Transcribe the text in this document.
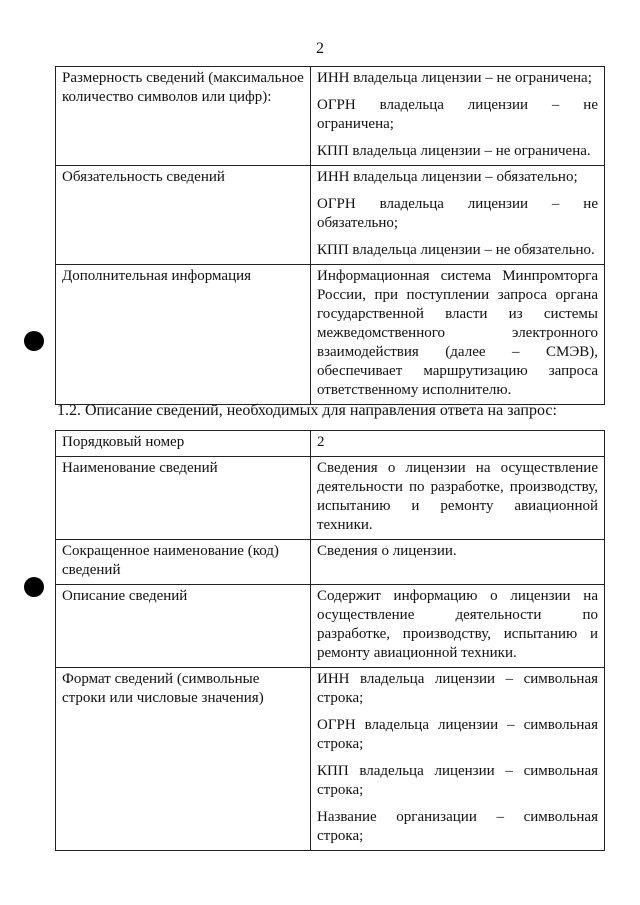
2
Размерность сведений (максимальное количество символов или цифр):	ИНН владельца лицензии – не ограничена;

ОГРН владельца лицензии – не ограничена;

КПП владельца лицензии – не ограничена.

Обязательность сведений	ИНН владельца лицензии – обязательно;

ОГРН владельца лицензии – не обязательно;

КПП владельца лицензии – не обязательно.

Дополнительная информация	Информационная система Минпромторга России, при поступлении запроса органа государственной власти из системы межведомственного электронного взаимодействия (далее – СМЭВ), обеспечивает маршрутизацию запроса ответственному исполнителю.

1.2. Описание сведений, необходимых для направления ответа на запрос:
Порядковый номер	2

Наименование сведений	Сведения о лицензии на осуществление деятельности по разработке, производству, испытанию и ремонту авиационной техники.

Сокращенное наименование (код) сведений	Сведения о лицензии.

Описание сведений	Содержит информацию о лицензии на осуществление деятельности по разработке, производству, испытанию и ремонту авиационной техники.

Формат сведений (символьные строки или числовые значения)	ИНН владельца лицензии – символьная строка;

ОГРН владельца лицензии – символьная строка;

КПП владельца лицензии – символьная строка;

Название организации – символьная строка;
